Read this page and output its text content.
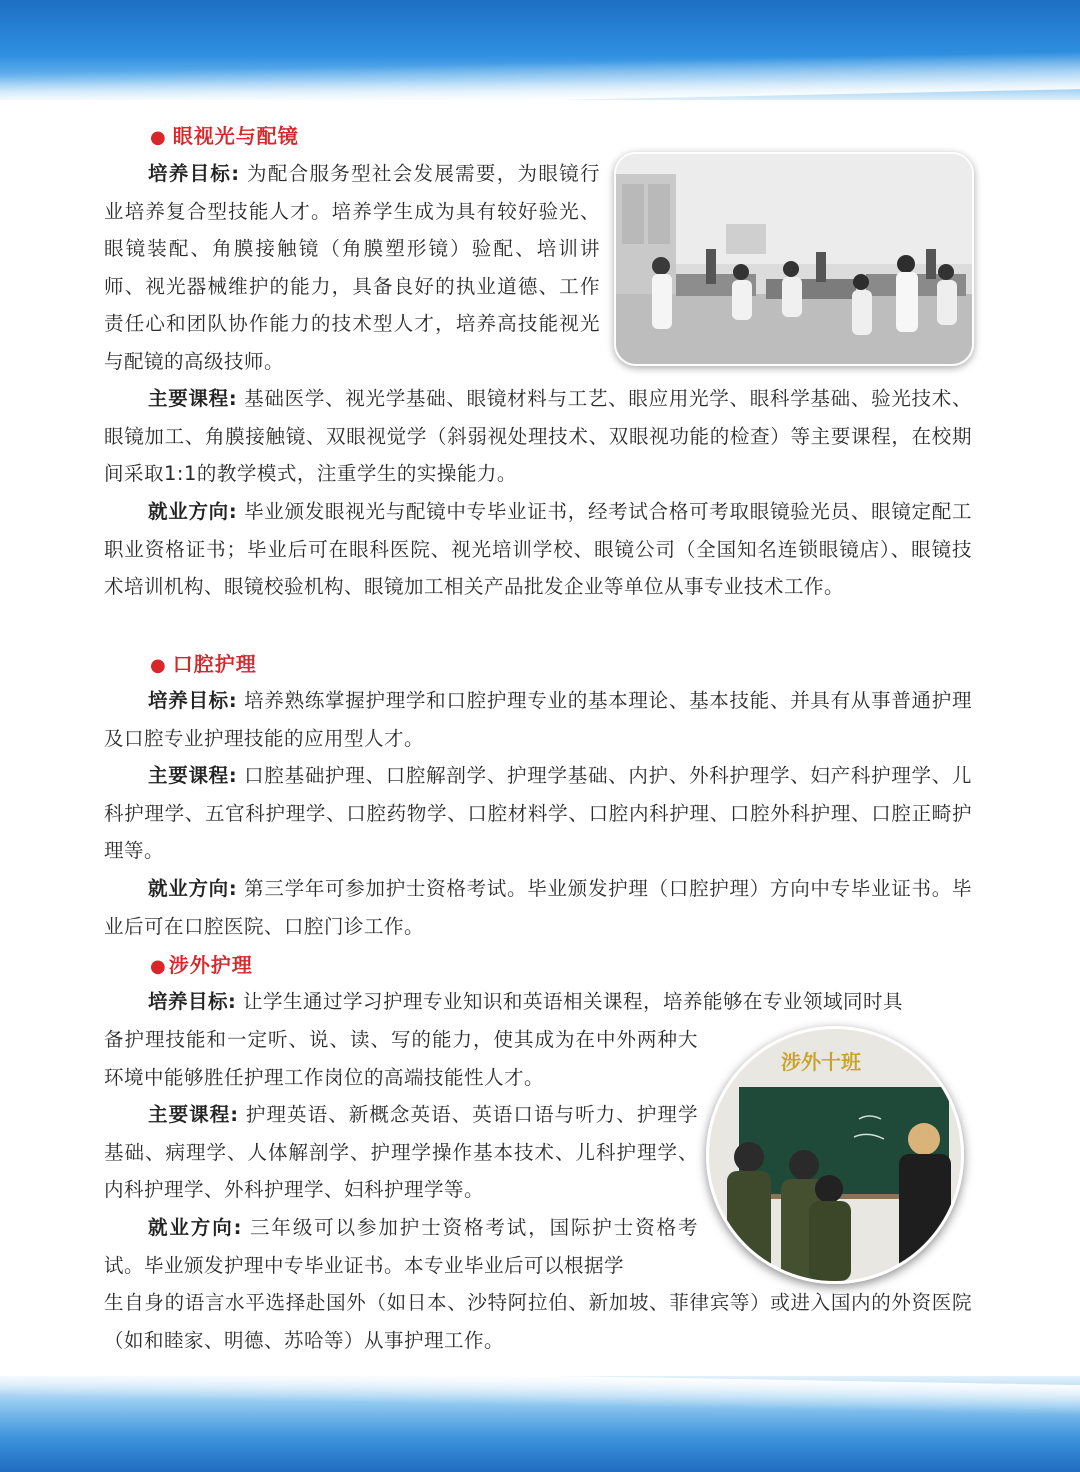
● 眼视光与配镜

培养目标: 为配合服务型社会发展需要，为眼镜行业培养复合型技能人才。培养学生成为具有较好验光、眼镜装配、角膜接触镜（角膜塑形镜）验配、培训讲师、视光器械维护的能力，具备良好的执业道德、工作责任心和团队协作能力的技术型人才，培养高技能视光与配镜的高级技师。

主要课程: 基础医学、视光学基础、眼镜材料与工艺、眼应用光学、眼科学基础、验光技术、眼镜加工、角膜接触镜、双眼视觉学（斜弱视处理技术、双眼视功能的检查）等主要课程，在校期间采取1:1的教学模式，注重学生的实操能力。

就业方向: 毕业颁发眼视光与配镜中专毕业证书，经考试合格可考取眼镜验光员、眼镜定配工职业资格证书；毕业后可在眼科医院、视光培训学校、眼镜公司（全国知名连锁眼镜店）、眼镜技术培训机构、眼镜校验机构、眼镜加工相关产品批发企业等单位从事专业技术工作。

● 口腔护理

培养目标: 培养熟练掌握护理学和口腔护理专业的基本理论、基本技能、并具有从事普通护理及口腔专业护理技能的应用型人才。

主要课程: 口腔基础护理、口腔解剖学、护理学基础、内护、外科护理学、妇产科护理学、儿科护理学、五官科护理学、口腔药物学、口腔材料学、口腔内科护理、口腔外科护理、口腔正畸护理等。

就业方向: 第三学年可参加护士资格考试。毕业颁发护理（口腔护理）方向中专毕业证书。毕业后可在口腔医院、口腔门诊工作。

● 涉外护理

培养目标: 让学生通过学习护理专业知识和英语相关课程，培养能够在专业领域同时具

涉外十班

备护理技能和一定听、说、读、写的能力，使其成为在中外两种大环境中能够胜任护理工作岗位的高端技能性人才。

主要课程: 护理英语、新概念英语、英语口语与听力、护理学基础、病理学、人体解剖学、护理学操作基本技术、儿科护理学、内科护理学、外科护理学、妇科护理学等。

就业方向: 三年级可以参加护士资格考试，国际护士资格考试。毕业颁发护理中专毕业证书。本专业毕业后可以根据学

生自身的语言水平选择赴国外（如日本、沙特阿拉伯、新加坡、菲律宾等）或进入国内的外资医院（如和睦家、明德、苏哈等）从事护理工作。
